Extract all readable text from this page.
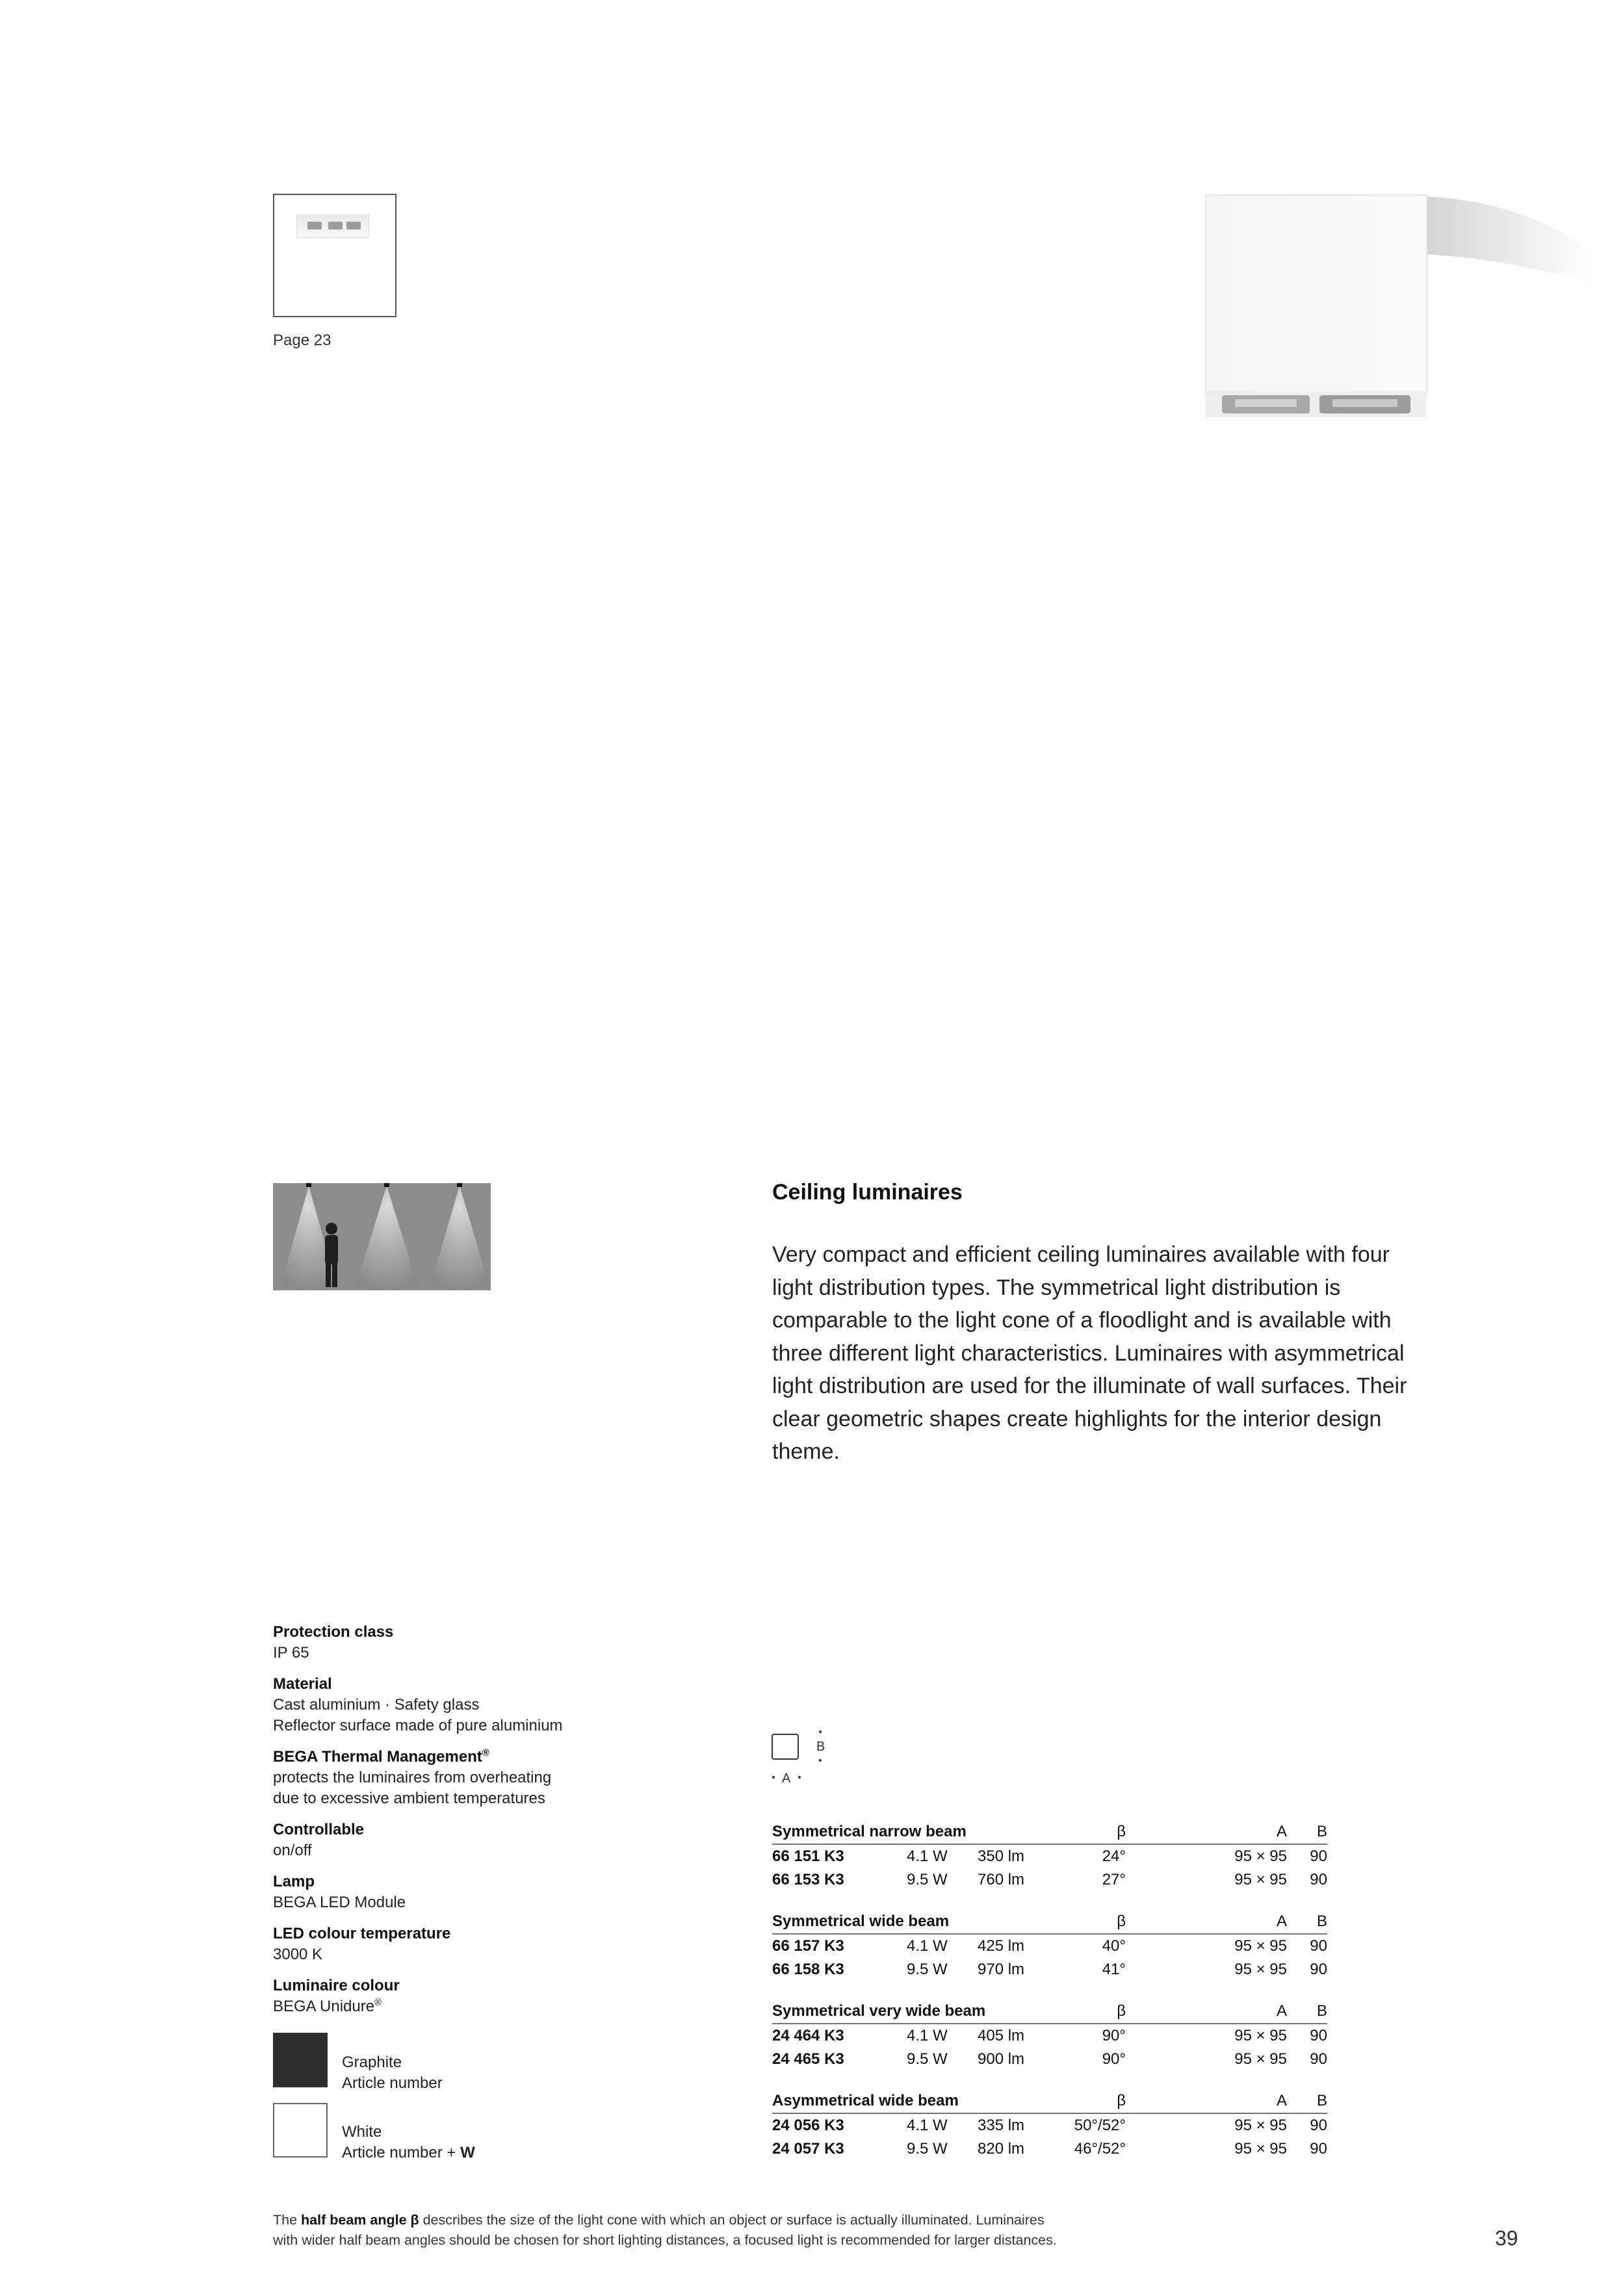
Page 23
Ceiling luminaires
Very compact and efficient ceiling luminaires available with four light distribution types. The symmetrical light distribution is comparable to the light cone of a floodlight and is available with three different light characteristics. Luminaires with asymmetrical light distribution are used for the illuminate of wall surfaces. Their clear geometric shapes create highlights for the interior design theme.
Protection class
IP 65
Material
Cast aluminium · Safety glass
Reflector surface made of pure aluminium
BEGA Thermal Management®
protects the luminaires from overheating
due to excessive ambient temperatures
Controllable
on/off
Lamp
BEGA LED Module
LED colour temperature
3000 K
Luminaire colour
BEGA Unidure®
Graphite
Article number
White
Article number + W
B
A
Symmetrical narrow beam	β	A B
66 151 K3	4.1 W 350 lm	24°	95 × 95 90
66 153 K3	9.5 W 760 lm	27°	95 × 95 90
Symmetrical wide beam	β	A B
66 157 K3	4.1 W 425 lm	40°	95 × 95 90
66 158 K3	9.5 W 970 lm	41°	95 × 95 90
Symmetrical very wide beam	β	A B
24 464 K3	4.1 W 405 lm	90°	95 × 95 90
24 465 K3	9.5 W 900 lm	90°	95 × 95 90
Asymmetrical wide beam	β	A B
24 056 K3	4.1 W 335 lm	50°/52°	95 × 95 90
24 057 K3	9.5 W 820 lm	46°/52°	95 × 95 90
The half beam angle β describes the size of the light cone with which an object or surface is actually illuminated. Luminaires
with wider half beam angles should be chosen for short lighting distances, a focused light is recommended for larger distances.	39
